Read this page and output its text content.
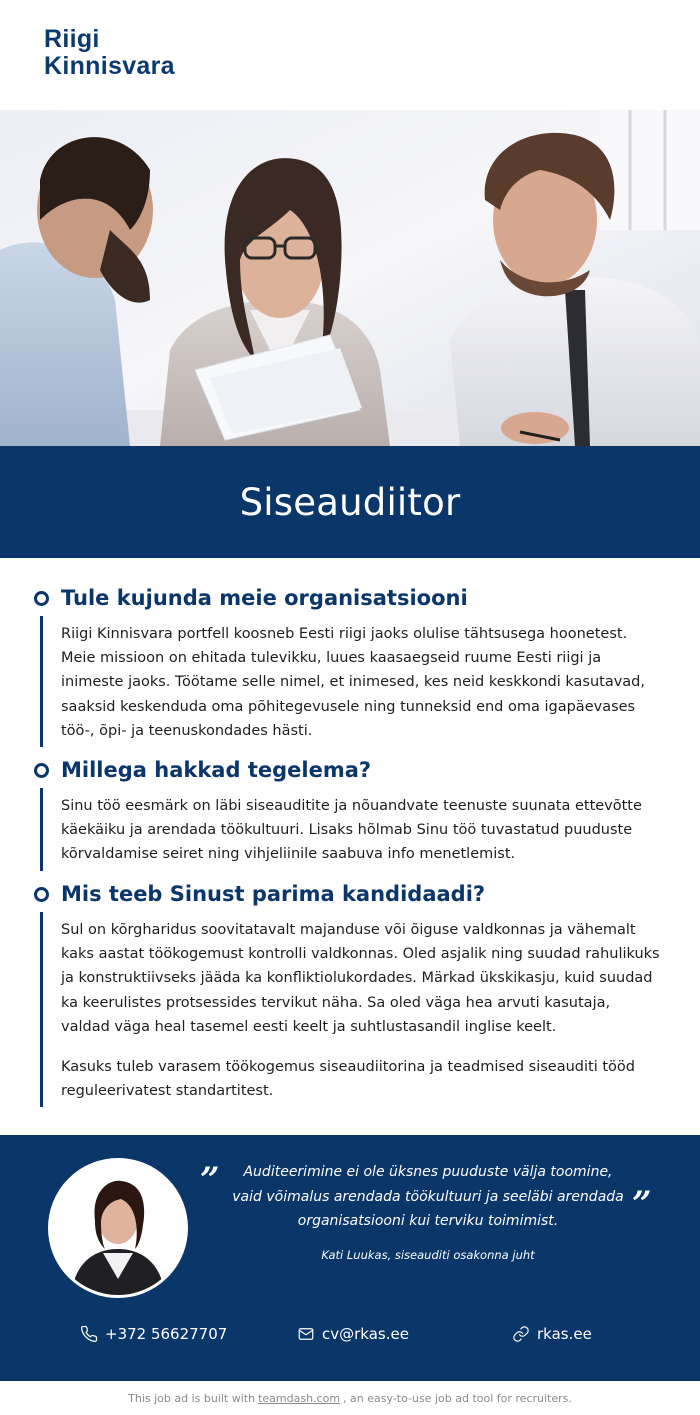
Riigi
Kinnisvara
Siseaudiitor
Tule kujunda meie organisatsiooni

Riigi Kinnisvara portfell koosneb Eesti riigi jaoks olulise tähtsusega hoonetest. Meie missioon on ehitada tulevikku, luues kaasaegseid ruume Eesti riigi ja inimeste jaoks. Töötame selle nimel, et inimesed, kes neid keskkondi kasutavad, saaksid keskenduda oma põhitegevusele ning tunneksid end oma igapäevases töö-, õpi- ja teenuskondades hästi.

Millega hakkad tegelema?

Sinu töö eesmärk on läbi siseauditite ja nõuandvate teenuste suunata ettevõtte käekäiku ja arendada töökultuuri. Lisaks hõlmab Sinu töö tuvastatud puuduste kõrvaldamise seiret ning vihjeliinile saabuva info menetlemist.

Mis teeb Sinust parima kandidaadi?

Sul on kõrgharidus soovitatavalt majanduse või õiguse valdkonnas ja vähemalt kaks aastat töökogemust kontrolli valdkonnas. Oled asjalik ning suudad rahulikuks ja konstruktiivseks jääda ka konfliktiolukordades. Märkad ükskikasju, kuid suudad ka keerulistes protsessides tervikut näha. Sa oled väga hea arvuti kasutaja, valdad väga heal tasemel eesti keelt ja suhtlustasandil inglise keelt.

Kasuks tuleb varasem töökogemus siseaudiitorina ja teadmised siseauditi tööd reguleerivatest standartitest.

”	Auditeerimine ei ole üksnes puuduste välja toomine, vaid võimalus arendada töökultuuri ja seeläbi arendada organisatsiooni kui terviku toimimist.	”

Kati Luukas, siseauditi osakonna juht

+372 56627707	cv@rkas.ee	rkas.ee
This job ad is built with teamdash.com , an easy-to-use job ad tool for recruiters.
